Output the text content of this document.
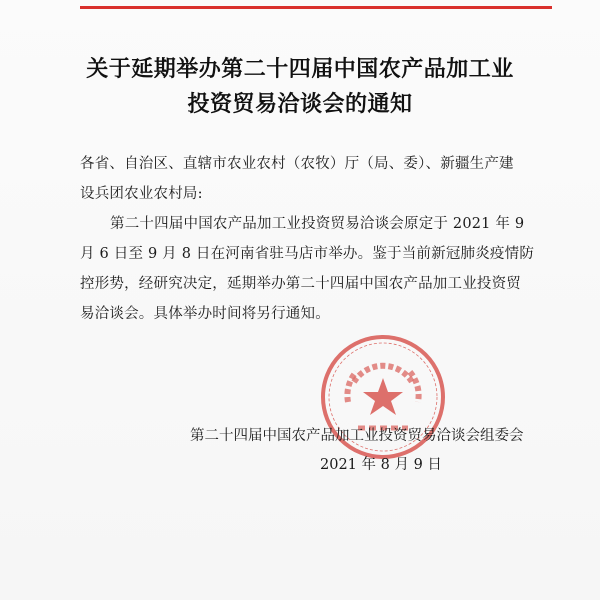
关于延期举办第二十四届中国农产品加工业
投资贸易洽谈会的通知
各省、自治区、直辖市农业农村（农牧）厅（局、委）、新疆生产建
设兵团农业农村局:
第二十四届中国农产品加工业投资贸易洽谈会原定于 2021 年 9
月 6 日至 9 月 8 日在河南省驻马店市举办。鉴于当前新冠肺炎疫情防
控形势，经研究决定，延期举办第二十四届中国农产品加工业投资贸
易洽谈会。具体举办时间将另行通知。
第二十四届中国农产品加工业投资贸易洽谈会组委会
2021 年 8 月 9 日
